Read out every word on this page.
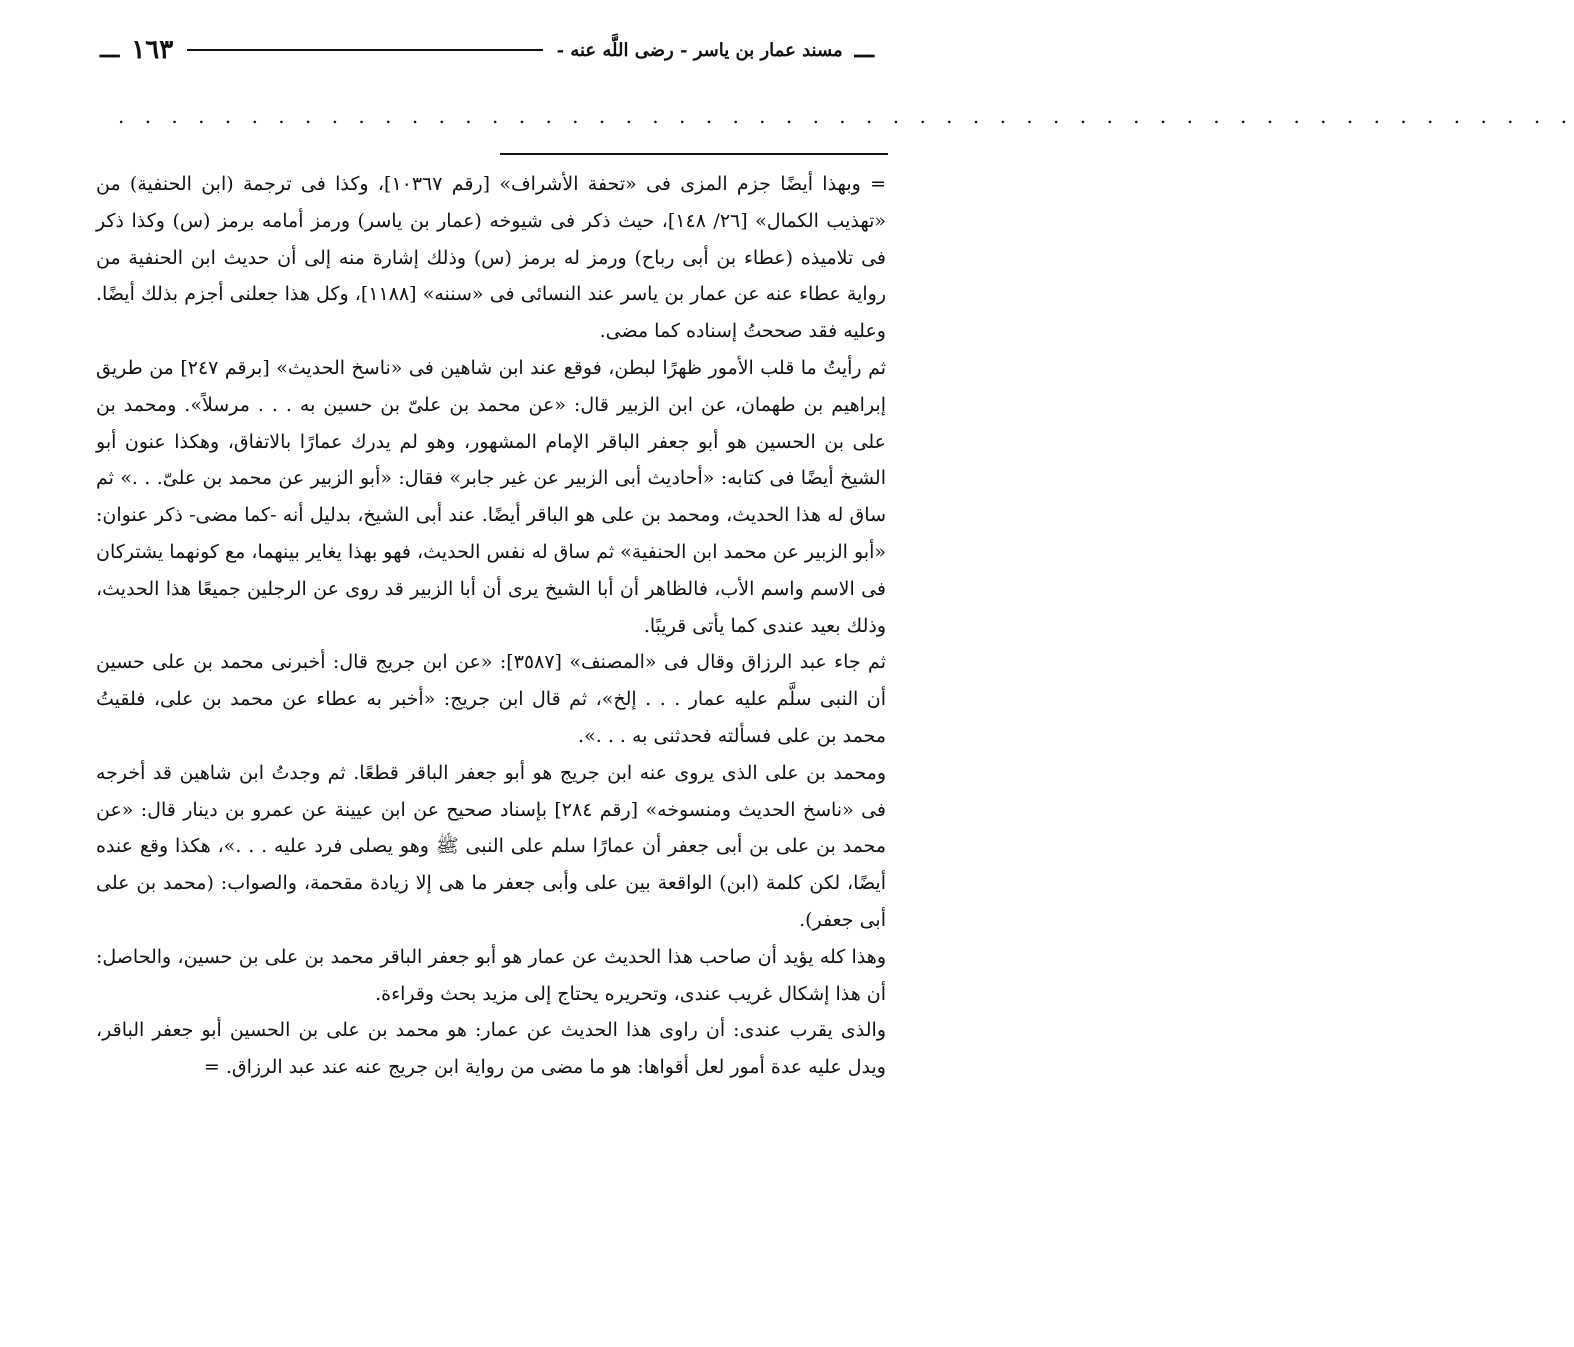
ـــ
مسند عمار بن ياسر - رضى اللَّه عنه -
١٦٣
ـــ
. . . . . . . . . . . . . . . . . . . . . . . . . . . . . . . . . . . . . . . . . . . . . . . . . . . . . . .

= وبهذا أيضًا جزم المزى فى «تحفة الأشراف» [رقم ١٠٣٦٧]، وكذا فى ترجمة (ابن الحنفية) من «تهذيب الكمال» [٢٦/ ١٤٨]، حيث ذكر فى شيوخه (عمار بن ياسر) ورمز أمامه برمز (س) وكذا ذكر فى تلاميذه (عطاء بن أبى رباح) ورمز له برمز (س) وذلك إشارة منه إلى أن حديث ابن الحنفية من رواية عطاء عنه عن عمار بن ياسر عند النسائى فى «سننه» [١١٨٨]، وكل هذا جعلنى أجزم بذلك أيضًا. وعليه فقد صححتُ إسناده كما مضى.

ثم رأيتُ ما قلب الأمور ظهرًا لبطن، فوقع عند ابن شاهين فى «ناسخ الحديث» [برقم ٢٤٧] من طريق إبراهيم بن طهمان، عن ابن الزبير قال: «عن محمد بن علىّ بن حسين به . . . مرسلاً». ومحمد بن على بن الحسين هو أبو جعفر الباقر الإمام المشهور، وهو لم يدرك عمارًا بالاتفاق، وهكذا عنون أبو الشيخ أيضًا فى كتابه: «أحاديث أبى الزبير عن غير جابر» فقال: «أبو الزبير عن محمد بن علىّ. . .» ثم ساق له هذا الحديث، ومحمد بن على هو الباقر أيضًا. عند أبى الشيخ، بدليل أنه -كما مضى- ذكر عنوان: «أبو الزبير عن محمد ابن الحنفية» ثم ساق له نفس الحديث، فهو بهذا يغاير بينهما، مع كونهما يشتركان فى الاسم واسم الأب، فالظاهر أن أبا الشيخ يرى أن أبا الزبير قد روى عن الرجلين جميعًا هذا الحديث، وذلك بعيد عندى كما يأتى قريبًا.

ثم جاء عبد الرزاق وقال فى «المصنف» [٣٥٨٧]: «عن ابن جريج قال: أخبرنى محمد بن على حسين أن النبى سلَّم عليه عمار . . . إلخ»، ثم قال ابن جريج: «أخبر به عطاء عن محمد بن على، فلقيتُ محمد بن على فسألته فحدثنى به . . .».

ومحمد بن على الذى يروى عنه ابن جريج هو أبو جعفر الباقر قطعًا. ثم وجدتُ ابن شاهين قد أخرجه فى «ناسخ الحديث ومنسوخه» [رقم ٢٨٤] بإسناد صحيح عن ابن عيينة عن عمرو بن دينار قال: «عن محمد بن على بن أبى جعفر أن عمارًا سلم على النبى ﷺ وهو يصلى فرد عليه . . .»، هكذا وقع عنده أيضًا، لكن كلمة (ابن) الواقعة بين على وأبى جعفر ما هى إلا زيادة مقحمة، والصواب: (محمد بن على أبى جعفر).

وهذا كله يؤيد أن صاحب هذا الحديث عن عمار هو أبو جعفر الباقر محمد بن على بن حسين، والحاصل: أن هذا إشكال غريب عندى، وتحريره يحتاج إلى مزيد بحث وقراءة.

والذى يقرب عندى: أن راوى هذا الحديث عن عمار: هو محمد بن على بن الحسين أبو جعفر الباقر، ويدل عليه عدة أمور لعل أقواها: هو ما مضى من رواية ابن جريج عنه عند عبد الرزاق. =
